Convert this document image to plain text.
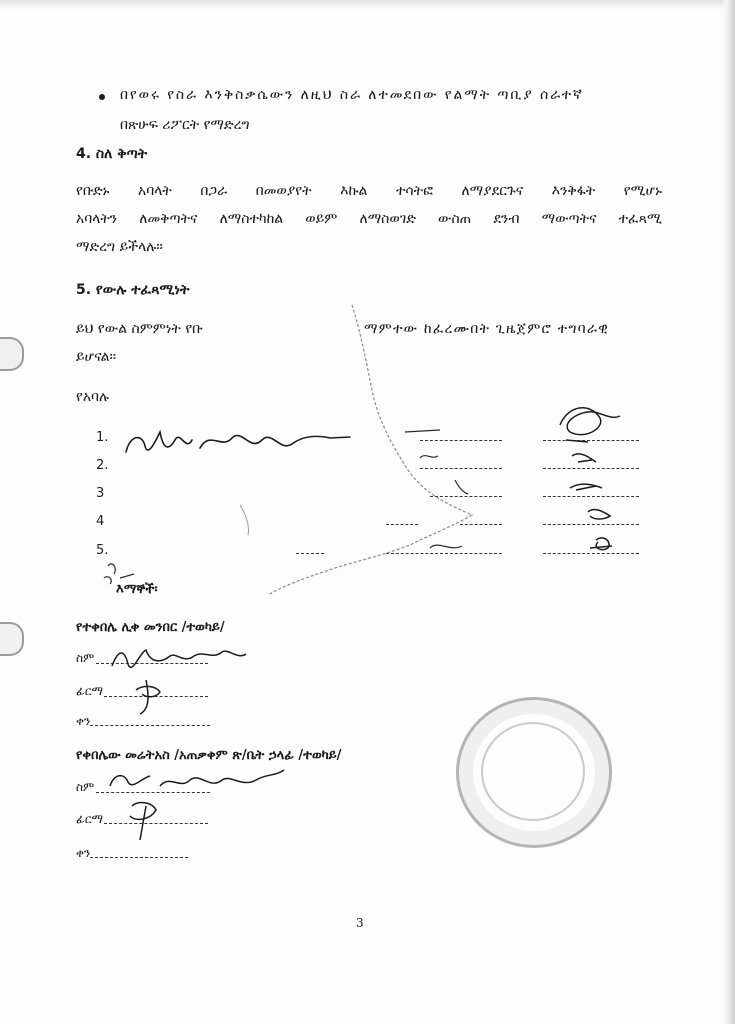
በየወሩ የስራ እንቅስቃሴውን ለዚህ ስራ ለተመደበው የልማት ጣቢያ ሰራተኛ
በጽሁፍ ሪፖርት የማድረግ
4. ስለ ቅጣት
የቡድኑ አባላት በጋራ በመወያየት እኩል ተሳትፎ ለማያደርጉና እንቅፋት የሚሆኑ
አባላትን ለመቅጣትና ለማስተካከል ወይም ለማስወገድ ውስጠ ደንብ ማውጣትና ተፈጻሚ
ማድረግ ይችላሉ፡፡
5. የውሉ ተፈጻሚነት
ይህ የውል ስምምነት የቡ	ማምተው ከፈረሙበት ጊዜጀምሮ ተግባራዊ
ይሆናል፡፡
የአባሉ
1.
2.
3
4
5.
እማኞች፡
የተቀበሌ ሊቀ መንበር /ተወካይ/
ስም
ፊርማ
ቀን
የቀበሌው መሬትአስ /አጠቃቀም ጽ/ቤት ኃላፊ /ተወካይ/
ስም
ፊርማ
ቀን
3
